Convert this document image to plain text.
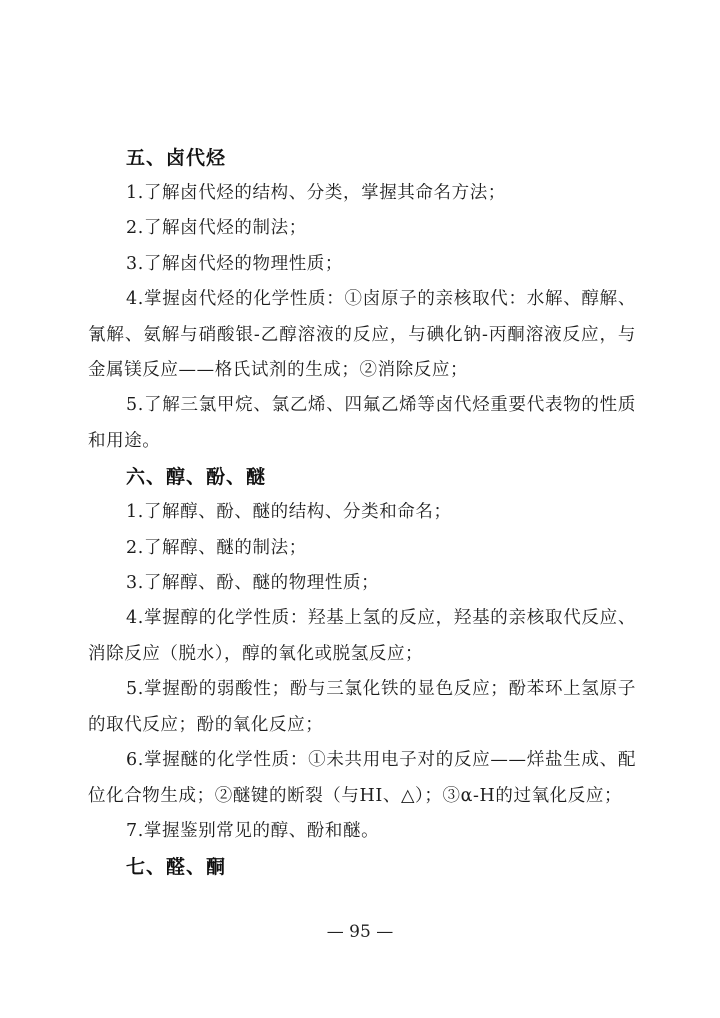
五、卤代烃
1.了解卤代烃的结构、分类，掌握其命名方法；
2.了解卤代烃的制法；
3.了解卤代烃的物理性质；
4.掌握卤代烃的化学性质：①卤原子的亲核取代：水解、醇解、氰解、氨解与硝酸银-乙醇溶液的反应，与碘化钠-丙酮溶液反应，与金属镁反应——格氏试剂的生成；②消除反应；
5.了解三氯甲烷、氯乙烯、四氟乙烯等卤代烃重要代表物的性质和用途。
六、醇、酚、醚
1.了解醇、酚、醚的结构、分类和命名；
2.了解醇、醚的制法；
3.了解醇、酚、醚的物理性质；
4.掌握醇的化学性质：羟基上氢的反应，羟基的亲核取代反应、消除反应（脱水），醇的氧化或脱氢反应；
5.掌握酚的弱酸性；酚与三氯化铁的显色反应；酚苯环上氢原子的取代反应；酚的氧化反应；
6.掌握醚的化学性质：①未共用电子对的反应——烊盐生成、配位化合物生成；②醚键的断裂（与HI、△）；③α-H的过氧化反应；
7.掌握鉴别常见的醇、酚和醚。
七、醛、酮
— 95 —
